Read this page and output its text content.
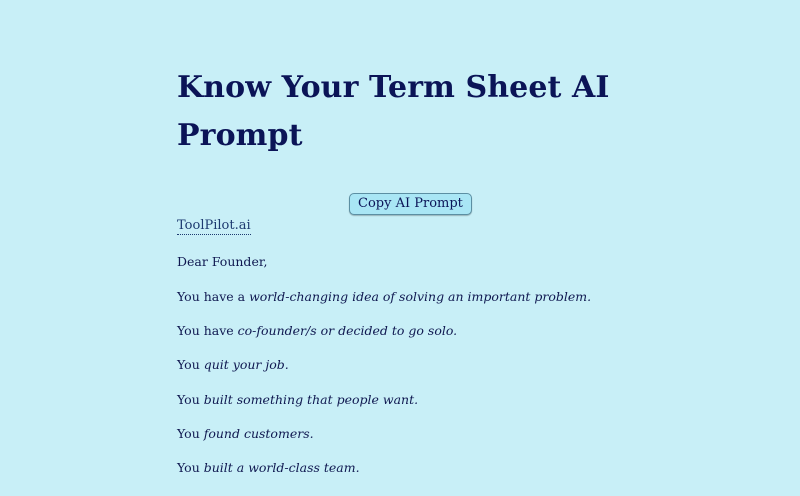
Know Your Term Sheet AI
Prompt
Copy AI Prompt
ToolPilot.ai

Dear Founder,

You have a world-changing idea of solving an important problem.

You have co-founder/s or decided to go solo.

You quit your job.

You built something that people want.

You found customers.

You built a world-class team.
